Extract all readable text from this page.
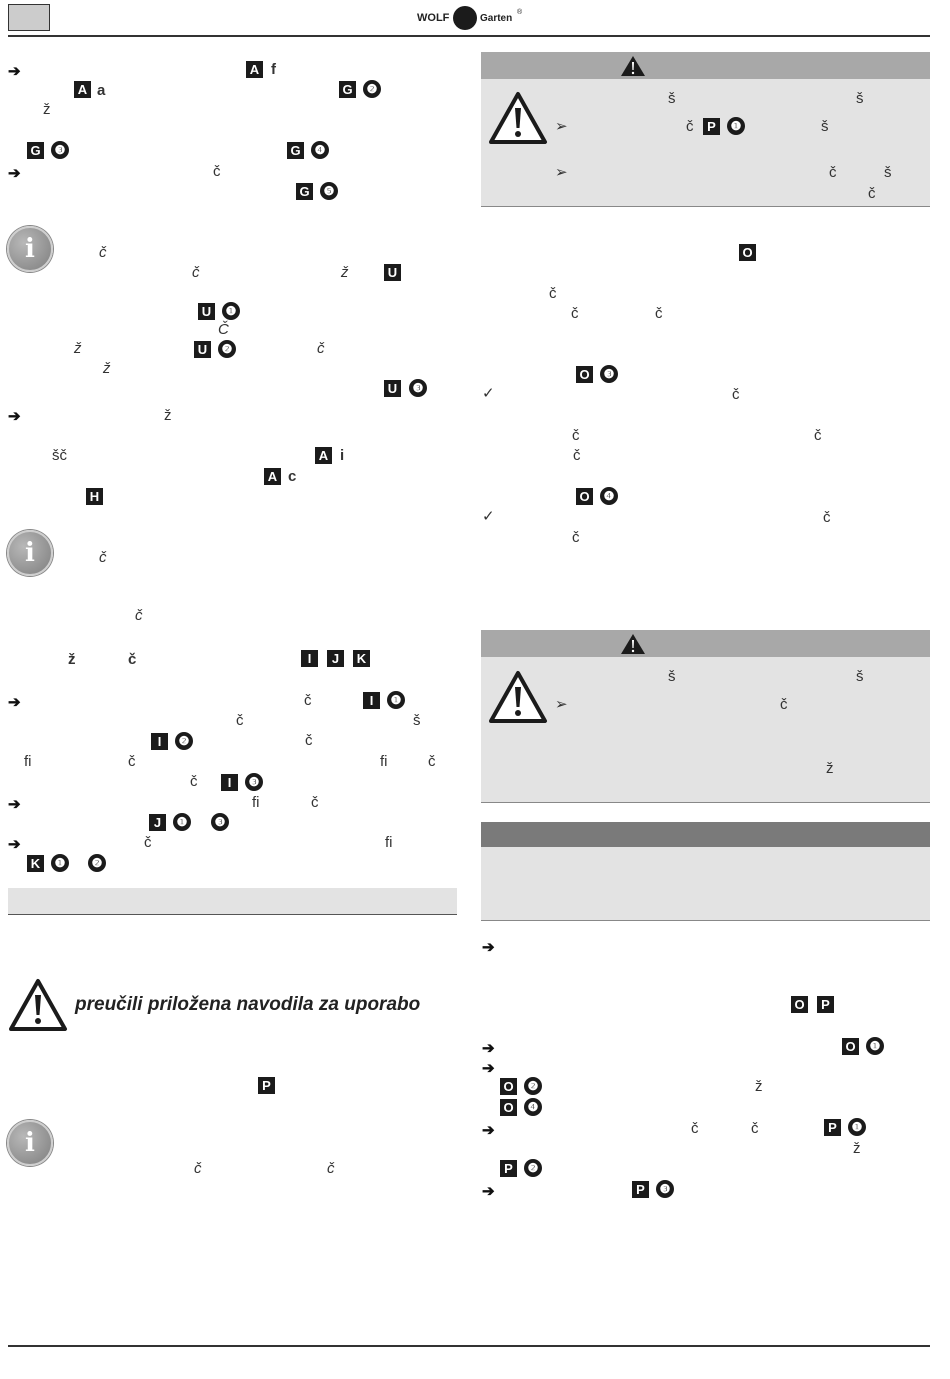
WOLF	Garten
®
➔	A f
A a	G	❷
ž
G	❸	G	❹
➔	č
G	❺
i	č
č	ž	U
U	❶
Č
ž	U	❷	č
ž
U	❸
➔	ž
šč	A i
A c
H
i	č
č
ž	č	I	J	K
➔	č	I	❶
č	š
I	❷	č
fi	č	fi	č
č	I	❸
➔	fi	č
J	❶	❸
➔	č	fi
K	❶	❷
preučili priložena navodila za uporabo
P
i
č	č
š	š
➢	č	P	❶	š
➢	č	š
č
O
č
č	č
O	❸
✓	č
č	č
č
O	❹
✓	č
č
š	š
➢	č
ž
➔
O	P
➔	O	❶
➔
O	❷	ž
O	❹
➔	č	č	P	❶
ž
P	❷
➔	P	❸
